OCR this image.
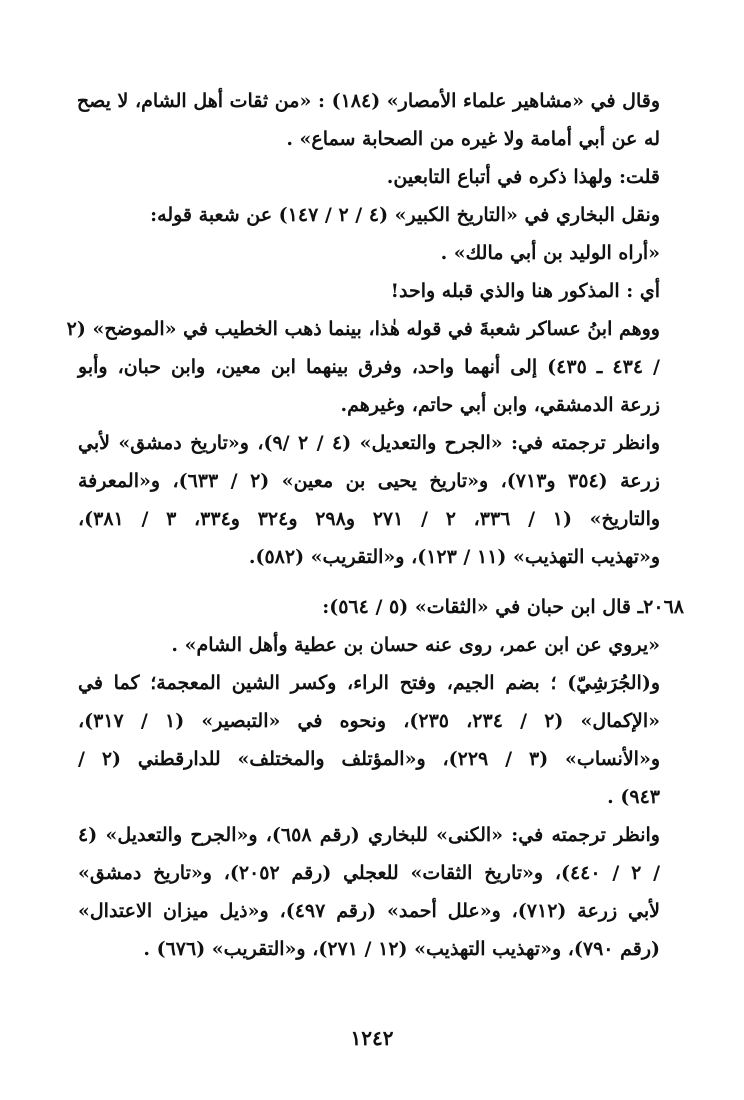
وقال في «مشاهير علماء الأمصار» (١٨٤) : «من ثقات أهل الشام، لا يصح
له عن أبي أمامة ولا غيره من الصحابة سماع» .
قلت: ولهذا ذكره في أتباع التابعين.
ونقل البخاري في «التاريخ الكبير» (٤ / ٢ / ١٤٧) عن شعبة قوله:
«أراه الوليد بن أبي مالك» .
أي : المذكور هنا والذي قبله واحد!
ووهم ابنُ عساكر شعبةَ في قوله هٰذا، بينما ذهب الخطيب في «الموضح» (٢
/ ٤٣٤ ـ ٤٣٥) إلى أنهما واحد، وفرق بينهما ابن معين، وابن حبان، وأبو
زرعة الدمشقي، وابن أبي حاتم، وغيرهم.
وانظر ترجمته في: «الجرح والتعديل» (٤ / ٢ /٩)، و«تاريخ دمشق» لأبي
زرعة (٣٥٤ و٧١٣)، و«تاريخ يحيى بن معين» (٢ / ٦٣٣)، و«المعرفة
والتاريخ» (١ / ٣٣٦، ٢ / ٢٧١ و٢٩٨ و٣٢٤ و٣٣٤، ٣ / ٣٨١)،
و«تهذيب التهذيب» (١١ / ١٢٣)، و«التقريب» (٥٨٢).
٢٠٦٨ـ قال ابن حبان في «الثقات» (٥ / ٥٦٤):
«يروي عن ابن عمر، روى عنه حسان بن عطية وأهل الشام» .
و(الجُرَشِيّ) ؛ بضم الجيم، وفتح الراء، وكسر الشين المعجمة؛ كما في
«الإكمال» (٢ / ٢٣٤، ٢٣٥)، ونحوه في «التبصير» (١ / ٣١٧)،
و«الأنساب» (٣ / ٢٢٩)، و«المؤتلف والمختلف» للدارقطني (٢ /
٩٤٣) .
وانظر ترجمته في: «الكنى» للبخاري (رقم ٦٥٨)، و«الجرح والتعديل» (٤
/ ٢ / ٤٤٠)، و«تاريخ الثقات» للعجلي (رقم ٢٠٥٢)، و«تاريخ دمشق»
لأبي زرعة (٧١٢)، و«علل أحمد» (رقم ٤٩٧)، و«ذيل ميزان الاعتدال»
(رقم ٧٩٠)، و«تهذيب التهذيب» (١٢ / ٢٧١)، و«التقريب» (٦٧٦) .
١٢٤٢
